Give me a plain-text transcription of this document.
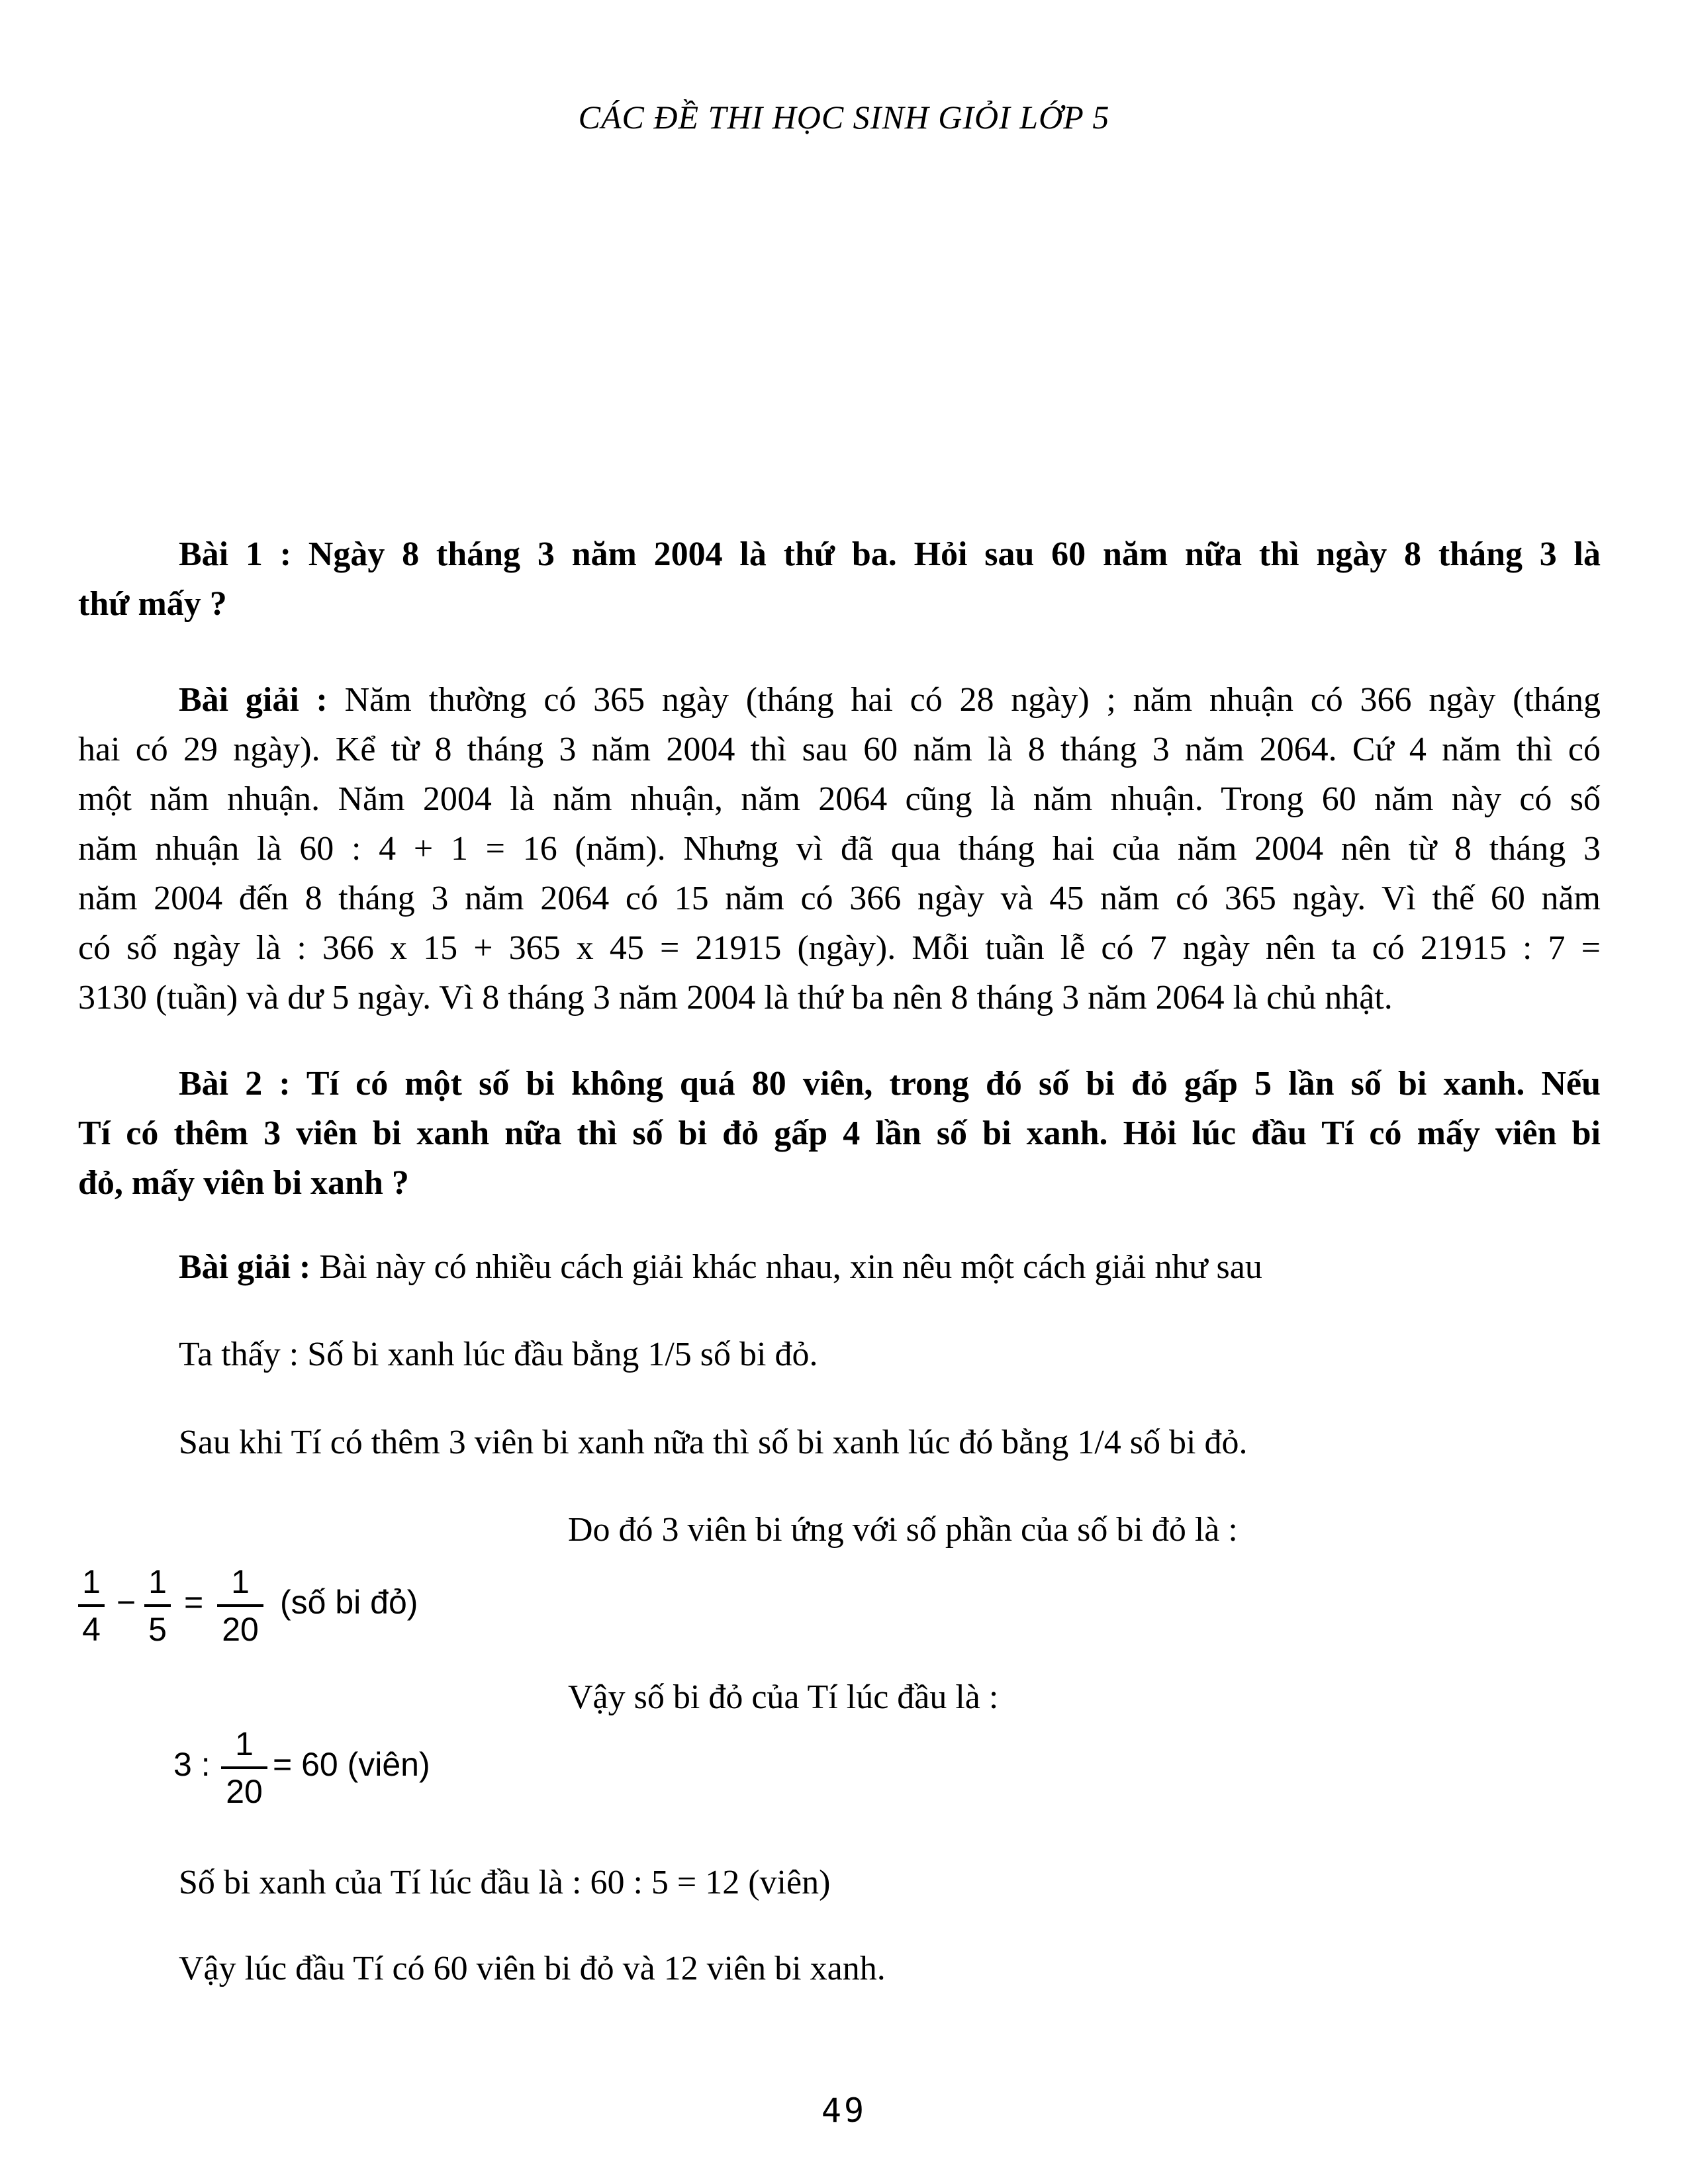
CÁC ĐỀ THI HỌC SINH GIỎI LỚP 5
Bài 1 : Ngày 8 tháng 3 năm 2004 là thứ ba. Hỏi sau 60 năm nữa thì ngày 8 tháng 3 là
thứ mấy ?
Bài giải : Năm thường có 365 ngày (tháng hai có 28 ngày) ; năm nhuận có 366 ngày (tháng
hai có 29 ngày). Kể từ 8 tháng 3 năm 2004 thì sau 60 năm là 8 tháng 3 năm 2064. Cứ 4 năm thì có
một năm nhuận. Năm 2004 là năm nhuận, năm 2064 cũng là năm nhuận. Trong 60 năm này có số
năm nhuận là 60 : 4 + 1 = 16 (năm). Nhưng vì đã qua tháng hai của năm 2004 nên từ 8 tháng 3
năm 2004 đến 8 tháng 3 năm 2064 có 15 năm có 366 ngày và 45 năm có 365 ngày. Vì thế 60 năm
có số ngày là : 366 x 15 + 365 x 45 = 21915 (ngày). Mỗi tuần lễ có 7 ngày nên ta có 21915 : 7 =
3130 (tuần) và dư 5 ngày. Vì 8 tháng 3 năm 2004 là thứ ba nên 8 tháng 3 năm 2064 là chủ nhật.
Bài 2 : Tí có một số bi không quá 80 viên, trong đó số bi đỏ gấp 5 lần số bi xanh. Nếu
Tí có thêm 3 viên bi xanh nữa thì số bi đỏ gấp 4 lần số bi xanh. Hỏi lúc đầu Tí có mấy viên bi
đỏ, mấy viên bi xanh ?
Bài giải : Bài này có nhiều cách giải khác nhau, xin nêu một cách giải như sau
Ta thấy : Số bi xanh lúc đầu bằng 1/5 số bi đỏ.
Sau khi Tí có thêm 3 viên bi xanh nữa thì số bi xanh lúc đó bằng 1/4 số bi đỏ.
Do đó 3 viên bi ứng với số phần của số bi đỏ là :
1
4
−
1
5
=
1
20
(số bi đỏ)
Vậy số bi đỏ của Tí lúc đầu là :
3 :
1
20
= 60 (viên)
Số bi xanh của Tí lúc đầu là : 60 : 5 = 12 (viên)
Vậy lúc đầu Tí có 60 viên bi đỏ và 12 viên bi xanh.
49
